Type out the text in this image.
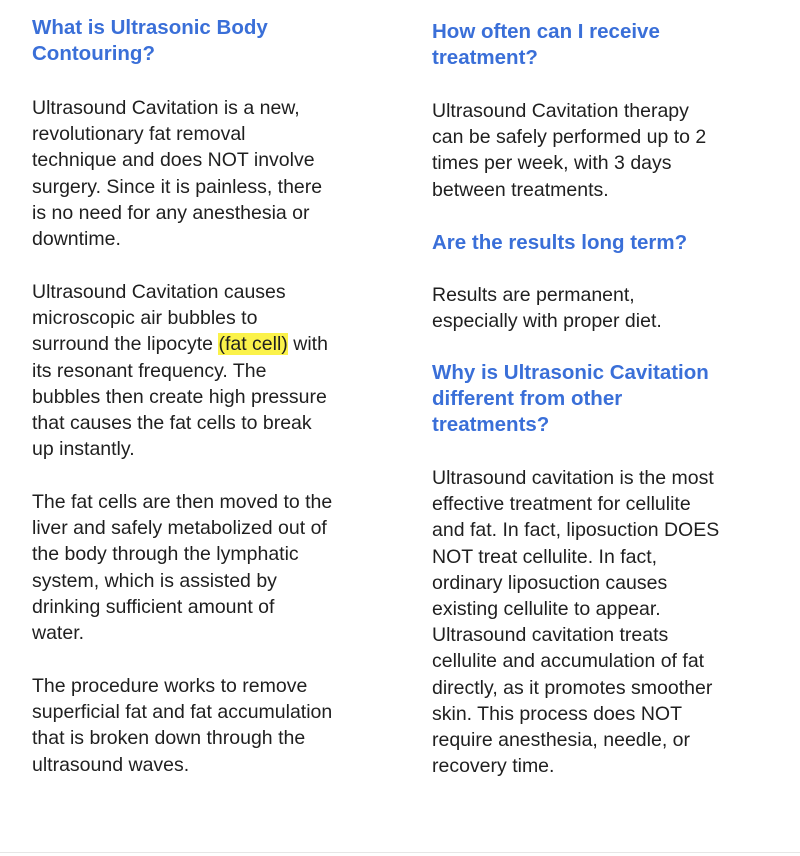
What is Ultrasonic Body
Contouring?

Ultrasound Cavitation is a new,
revolutionary fat removal
technique and does NOT involve
surgery. Since it is painless, there
is no need for any anesthesia or
downtime.

Ultrasound Cavitation causes
microscopic air bubbles to
surround the lipocyte (fat cell) with
its resonant frequency. The
bubbles then create high pressure
that causes the fat cells to break
up instantly.

The fat cells are then moved to the
liver and safely metabolized out of
the body through the lymphatic
system, which is assisted by
drinking sufficient amount of
water.

The procedure works to remove
superficial fat and fat accumulation
that is broken down through the
ultrasound waves.

How often can I receive
treatment?

Ultrasound Cavitation therapy
can be safely performed up to 2
times per week, with 3 days
between treatments.

Are the results long term?

Results are permanent,
especially with proper diet.

Why is Ultrasonic Cavitation
different from other
treatments?

Ultrasound cavitation is the most
effective treatment for cellulite
and fat. In fact, liposuction DOES
NOT treat cellulite. In fact,
ordinary liposuction causes
existing cellulite to appear.
Ultrasound cavitation treats
cellulite and accumulation of fat
directly, as it promotes smoother
skin. This process does NOT
require anesthesia, needle, or
recovery time.
